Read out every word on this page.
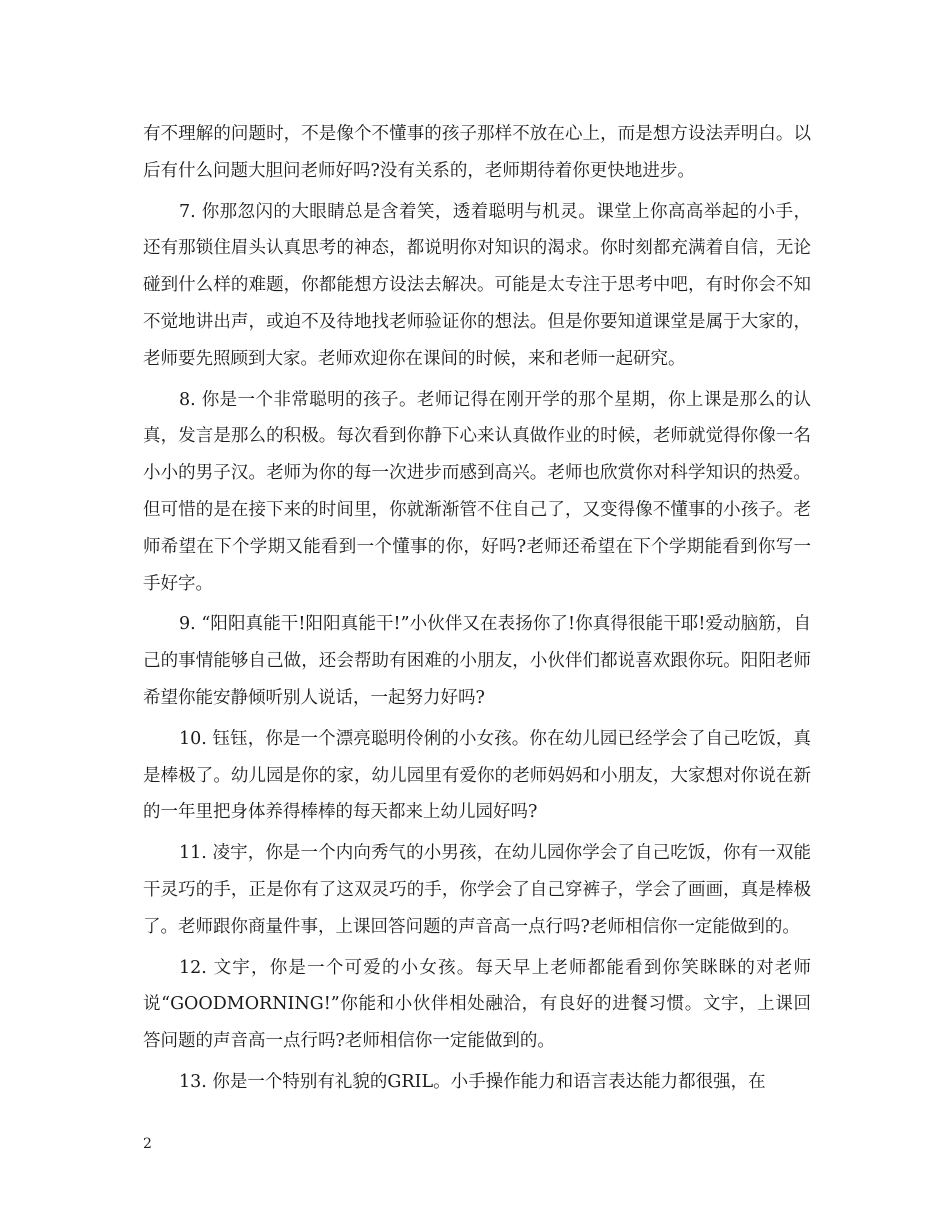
有不理解的问题时，不是像个不懂事的孩子那样不放在心上，而是想方设法弄明白。以后有什么问题大胆问老师好吗?没有关系的，老师期待着你更快地进步。

7. 你那忽闪的大眼睛总是含着笑，透着聪明与机灵。课堂上你高高举起的小手，还有那锁住眉头认真思考的神态，都说明你对知识的渴求。你时刻都充满着自信，无论碰到什么样的难题，你都能想方设法去解决。可能是太专注于思考中吧，有时你会不知不觉地讲出声，或迫不及待地找老师验证你的想法。但是你要知道课堂是属于大家的，老师要先照顾到大家。老师欢迎你在课间的时候，来和老师一起研究。

8. 你是一个非常聪明的孩子。老师记得在刚开学的那个星期，你上课是那么的认真，发言是那么的积极。每次看到你静下心来认真做作业的时候，老师就觉得你像一名小小的男子汉。老师为你的每一次进步而感到高兴。老师也欣赏你对科学知识的热爱。但可惜的是在接下来的时间里，你就渐渐管不住自己了，又变得像不懂事的小孩子。老师希望在下个学期又能看到一个懂事的你，好吗?老师还希望在下个学期能看到你写一手好字。

9. “阳阳真能干!阳阳真能干!”小伙伴又在表扬你了!你真得很能干耶!爱动脑筋，自己的事情能够自己做，还会帮助有困难的小朋友，小伙伴们都说喜欢跟你玩。阳阳老师希望你能安静倾听别人说话，一起努力好吗?

10. 钰钰，你是一个漂亮聪明伶俐的小女孩。你在幼儿园已经学会了自己吃饭，真是棒极了。幼儿园是你的家，幼儿园里有爱你的老师妈妈和小朋友，大家想对你说在新的一年里把身体养得棒棒的每天都来上幼儿园好吗?

11. 凌宇，你是一个内向秀气的小男孩，在幼儿园你学会了自己吃饭，你有一双能干灵巧的手，正是你有了这双灵巧的手，你学会了自己穿裤子，学会了画画，真是棒极了。老师跟你商量件事，上课回答问题的声音高一点行吗?老师相信你一定能做到的。

12. 文宇，你是一个可爱的小女孩。每天早上老师都能看到你笑眯眯的对老师说“GOODMORNING!”你能和小伙伴相处融洽，有良好的进餐习惯。文宇，上课回答问题的声音高一点行吗?老师相信你一定能做到的。

13. 你是一个特别有礼貌的GRIL。小手操作能力和语言表达能力都很强，在

2
